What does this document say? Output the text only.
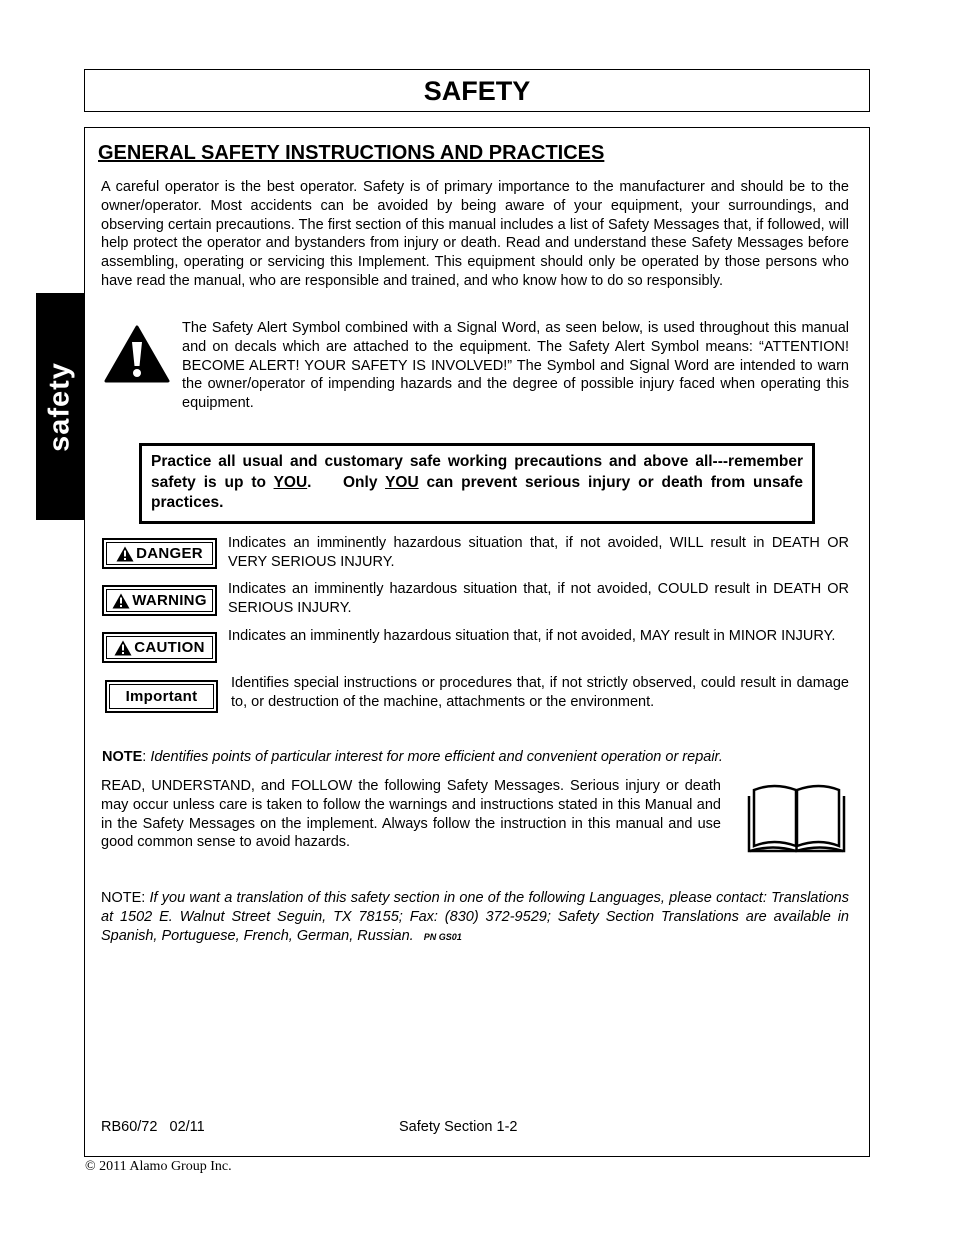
SAFETY
safety
GENERAL SAFETY INSTRUCTIONS AND PRACTICES

A careful operator is the best operator. Safety is of primary importance to the manufacturer and should be to the owner/operator. Most accidents can be avoided by being aware of your equipment, your surroundings, and observing certain precautions. The first section of this manual includes a list of Safety Messages that, if followed, will help protect the operator and bystanders from injury or death. Read and understand these Safety Messages before assembling, operating or servicing this Implement. This equipment should only be operated by those persons who have read the manual, who are responsible and trained, and who know how to do so responsibly.

The Safety Alert Symbol combined with a Signal Word, as seen below, is used throughout this manual and on decals which are attached to the equipment. The Safety Alert Symbol means: “ATTENTION! BECOME ALERT! YOUR SAFETY IS INVOLVED!” The Symbol and Signal Word are intended to warn the owner/operator of impending hazards and the degree of possible injury faced when operating this equipment.

Practice all usual and customary safe working precautions and above all---remember safety is up to YOU.    Only YOU can prevent serious injury or death from unsafe practices.
DANGER

Indicates an imminently hazardous situation that, if not avoided, WILL result in DEATH OR VERY SERIOUS INJURY.

WARNING

Indicates an imminently hazardous situation that, if not avoided, COULD result in DEATH OR SERIOUS INJURY.

CAUTION

Indicates an imminently hazardous situation that, if not avoided, MAY result in MINOR INJURY.

Important

Identifies special instructions or procedures that, if not strictly observed, could result in damage to, or destruction of the machine, attachments or the environment.

NOTE: Identifies points of particular interest for more efficient and convenient operation or repair.

READ, UNDERSTAND, and FOLLOW the following Safety Messages. Serious injury or death may occur unless care is taken to follow the warnings and instructions stated in this Manual and in the Safety Messages on the implement. Always follow the instruction in this manual and use good common sense to avoid hazards.

NOTE: If you want a translation of this safety section in one of the following Languages, please contact: Translations at 1502 E. Walnut Street Seguin, TX 78155; Fax: (830) 372-9529; Safety Section Translations are available in Spanish, Portuguese, French, German, Russian. PN GS01

RB60/72   02/11	Safety Section 1-2
© 2011 Alamo Group Inc.
